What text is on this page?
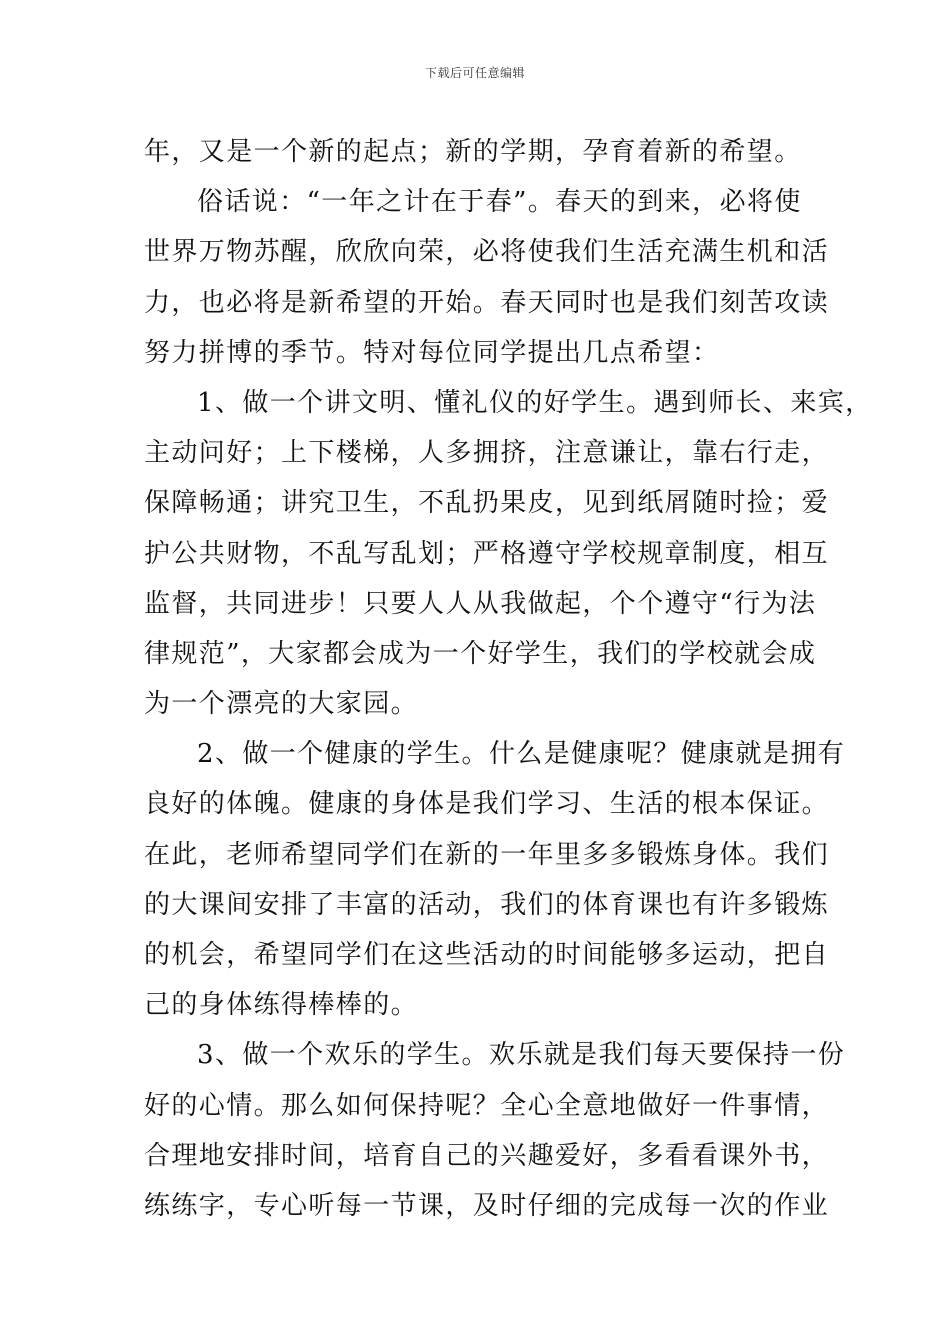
下载后可任意编辑
年，又是一个新的起点；新的学期，孕育着新的希望。
俗话说：“一年之计在于春”。春天的到来，必将使
世界万物苏醒，欣欣向荣，必将使我们生活充满生机和活
力，也必将是新希望的开始。春天同时也是我们刻苦攻读
努力拼博的季节。特对每位同学提出几点希望：
1、做一个讲文明、懂礼仪的好学生。遇到师长、来宾，
主动问好；上下楼梯，人多拥挤，注意谦让，靠右行走，
保障畅通；讲究卫生，不乱扔果皮，见到纸屑随时捡；爱
护公共财物，不乱写乱划；严格遵守学校规章制度，相互
监督，共同进步！只要人人从我做起，个个遵守“行为法
律规范”，大家都会成为一个好学生，我们的学校就会成
为一个漂亮的大家园。
2、做一个健康的学生。什么是健康呢？健康就是拥有
良好的体魄。健康的身体是我们学习、生活的根本保证。
在此，老师希望同学们在新的一年里多多锻炼身体。我们
的大课间安排了丰富的活动，我们的体育课也有许多锻炼
的机会，希望同学们在这些活动的时间能够多运动，把自
己的身体练得棒棒的。
3、做一个欢乐的学生。欢乐就是我们每天要保持一份
好的心情。那么如何保持呢？全心全意地做好一件事情，
合理地安排时间，培育自己的兴趣爱好，多看看课外书，
练练字，专心听每一节课，及时仔细的完成每一次的作业
